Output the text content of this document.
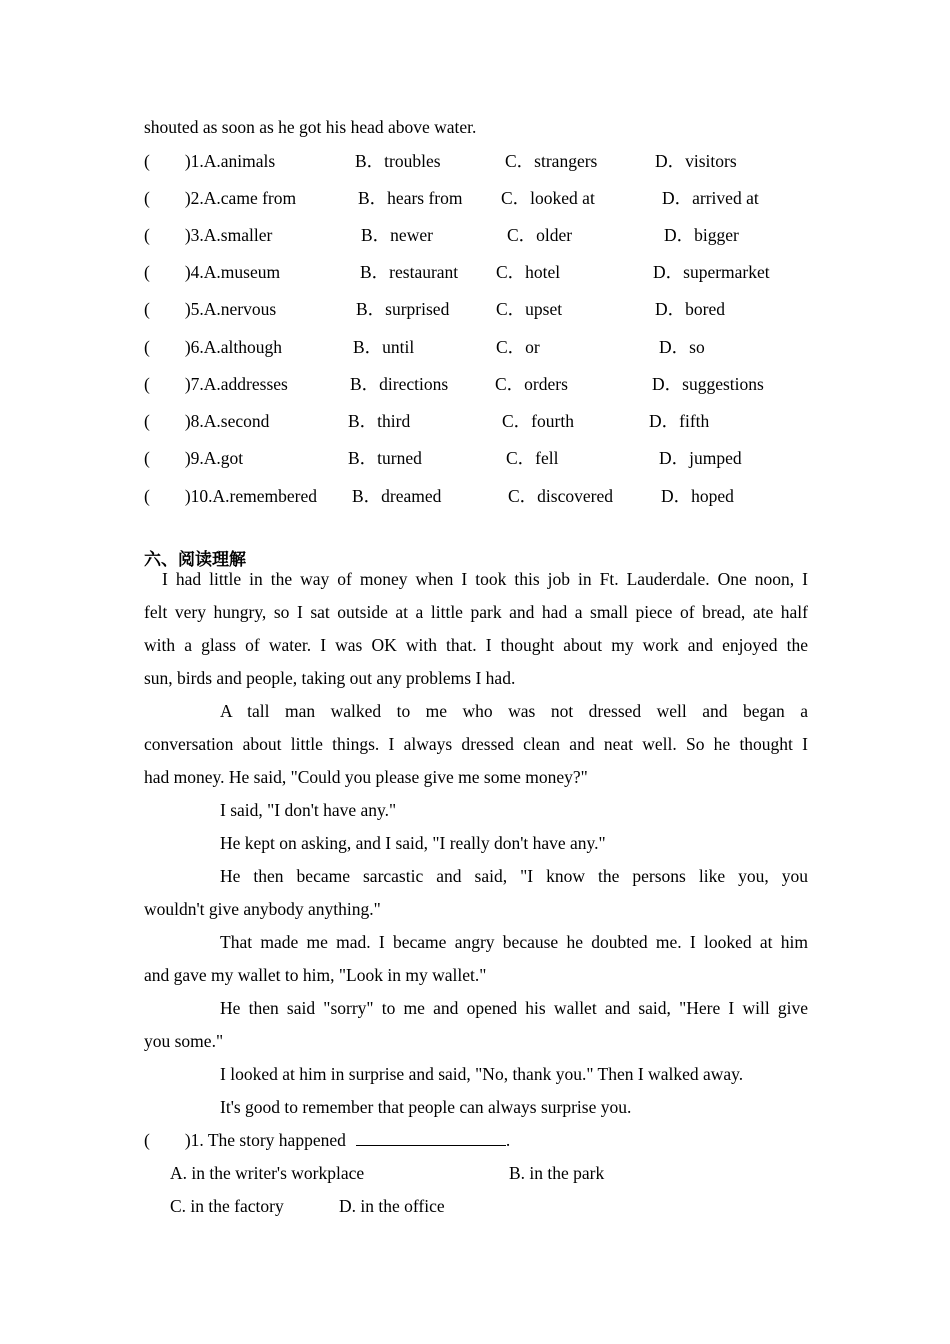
shouted as soon as he got his head above water.
(        )1.A.animals	B．troubles	C．strangers	D．visitors
(        )2.A.came from	B．hears from C．looked at	D．arrived at
(        )3.A.smaller	B．newer	C．older	D．bigger
(        )4.A.museum	B．restaurant C．hotel	D．supermarket
(        )5.A.nervous	B．surprised	C．upset	D．bored
(        )6.A.although	B．until	C．or	D．so
(        )7.A.addresses	B．directions	C．orders	D．suggestions
(        )8.A.second	B．third	C．fourth	D．fifth
(        )9.A.got	B．turned	C．fell	D．jumped
(        )10.A.remembered B．dreamed	C．discovered	D．hoped
六、阅读理解
I had little in the way of money when I took this job in Ft. Lauderdale. One noon, I
felt very hungry, so I sat outside at a little park and had a small piece of bread, ate half
with a glass of water. I was OK with that. I thought about my work and enjoyed the
sun, birds and people, taking out any problems I had.
A tall man walked to me who was not dressed well and began a
conversation about little things. I always dressed clean and neat well. So he thought I
had money. He said, "Could you please give me some money?"
I said, "I don't have any."
He kept on asking, and I said, "I really don't have any."
He then became sarcastic and said, "I know the persons like you, you
wouldn't give anybody anything."
That made me mad. I became angry because he doubted me. I looked at him
and gave my wallet to him, "Look in my wallet."
He then said "sorry" to me and opened his wallet and said, "Here I will give
you some."
I looked at him in surprise and said, "No, thank you." Then I walked away.
It's good to remember that people can always surprise you.
(        )1. The story happened	.
A. in the writer's workplace	B. in the park
C. in the factory	D. in the office
